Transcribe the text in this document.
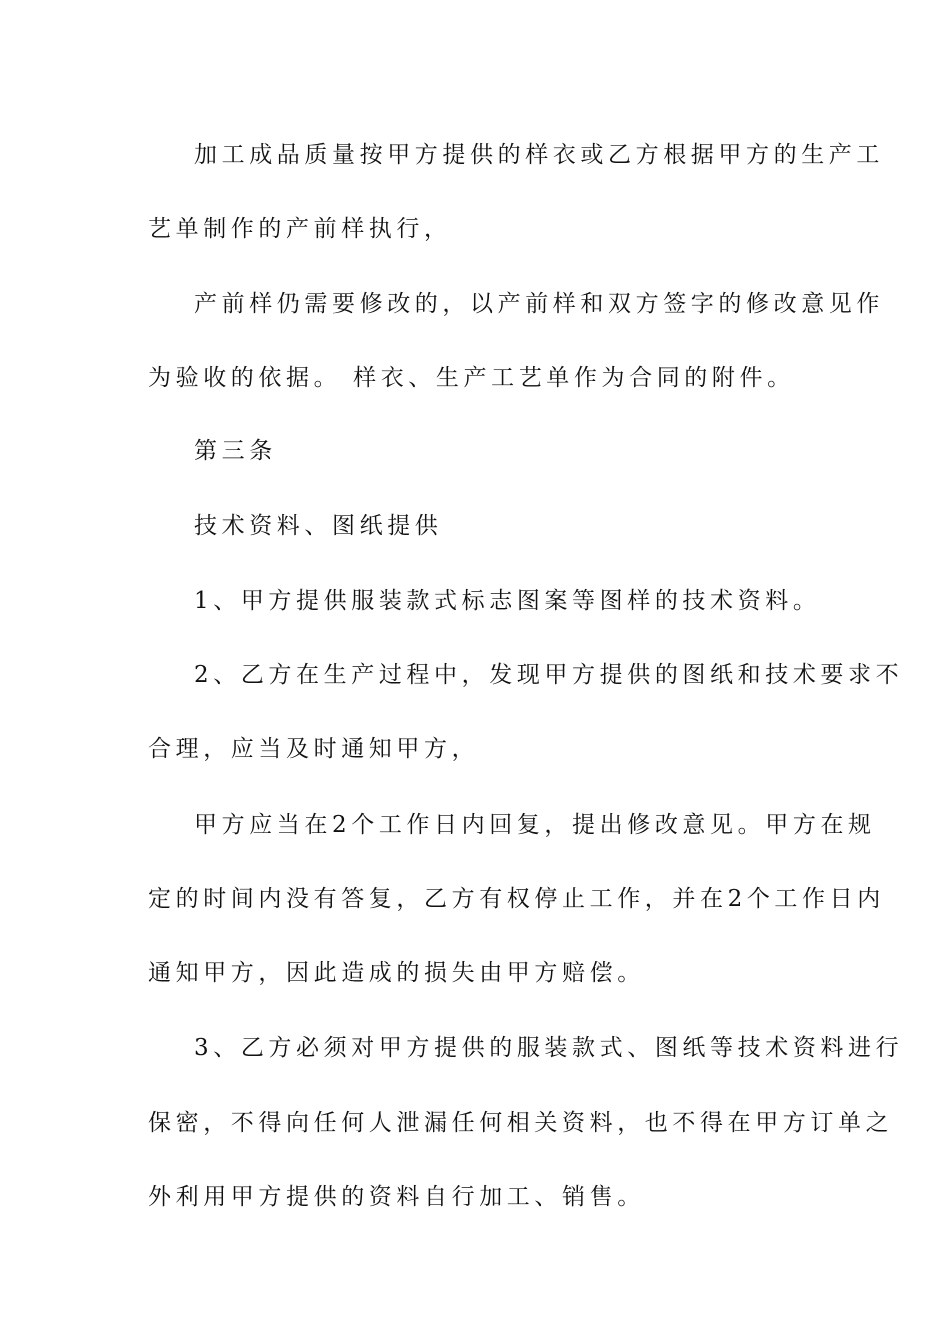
加工成品质量按甲方提供的样衣或乙方根据甲方的生产工
艺单制作的产前样执行，
产前样仍需要修改的，以产前样和双方签字的修改意见作
为验收的依据。 样衣、生产工艺单作为合同的附件。
第三条
技术资料、图纸提供
1、甲方提供服装款式标志图案等图样的技术资料。
2、乙方在生产过程中，发现甲方提供的图纸和技术要求不
合理，应当及时通知甲方，
甲方应当在2个工作日内回复，提出修改意见。甲方在规
定的时间内没有答复，乙方有权停止工作，并在2个工作日内
通知甲方，因此造成的损失由甲方赔偿。
3、乙方必须对甲方提供的服装款式、图纸等技术资料进行
保密，不得向任何人泄漏任何相关资料，也不得在甲方订单之
外利用甲方提供的资料自行加工、销售。
